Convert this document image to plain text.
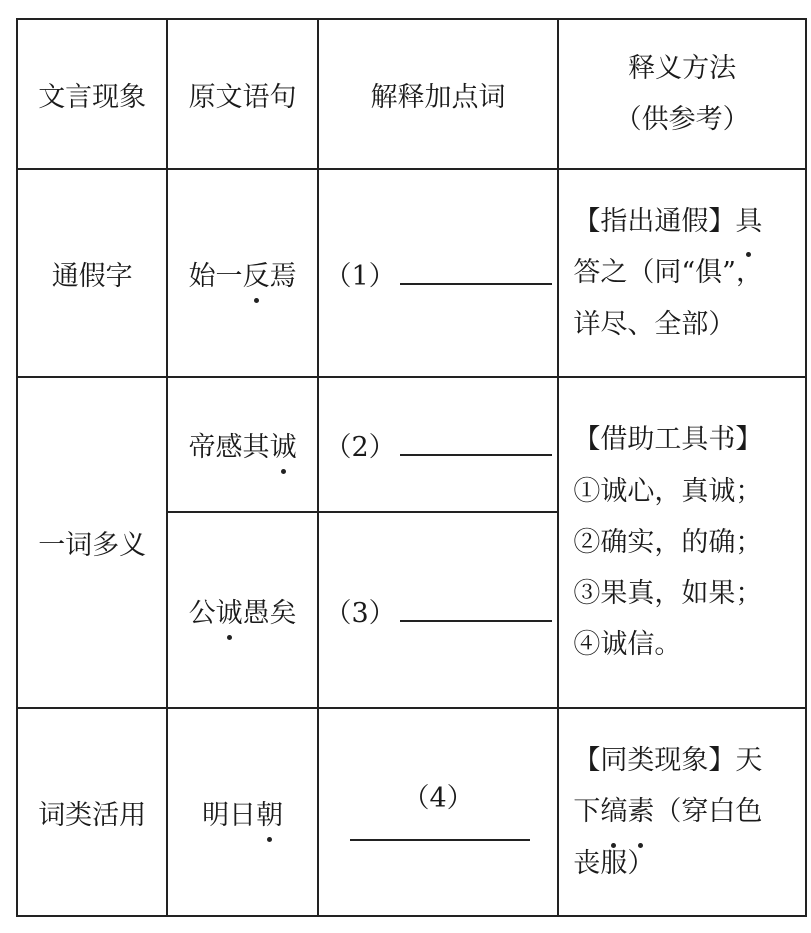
文言现象	原文语句	解释加点词	释义方法
（供参考）

通假字	始一反焉	（1）	【指出通假】具
答之（同“俱”，
详尽、全部）

一词多义	帝感其诚	（2）	【借助工具书】
①诚心，真诚；
②确实，的确；
③果真，如果；
④诚信。

	公诚愚矣	（3）	
词类活用	明日朝	（4）	【同类现象】天
下缟素（穿白色
丧服）
